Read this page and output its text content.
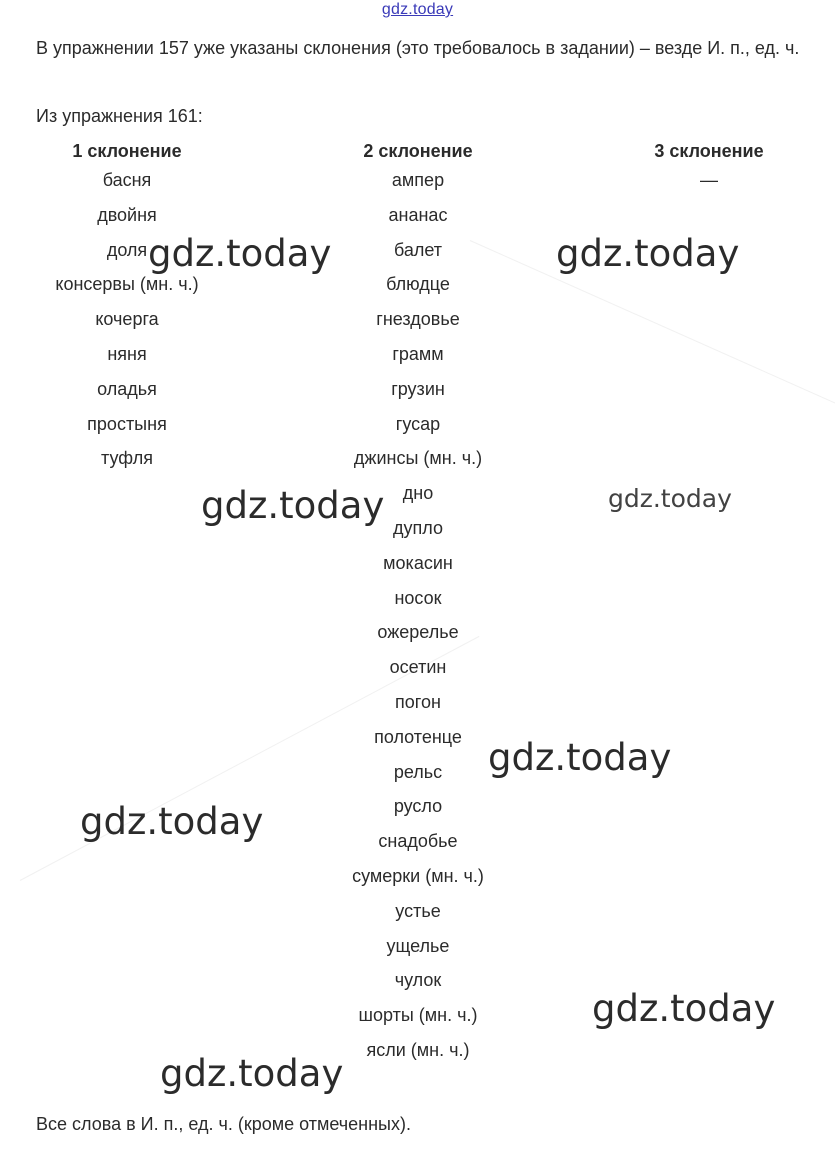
gdz.today
В упражнении 157 уже указаны склонения (это требовалось в задании) – везде И. п., ед. ч.
Из упражнения 161:
1 склонение
басня
двойня
доля
консервы (мн. ч.)
кочерга
няня
оладья
простыня
туфля
2 склонение
ампер
ананас
балет
блюдце
гнездовье
грамм
грузин
гусар
джинсы (мн. ч.)
дно
дупло
мокасин
носок
ожерелье
осетин
погон
полотенце
рельс
русло
снадобье
сумерки (мн. ч.)
устье
ущелье
чулок
шорты (мн. ч.)
ясли (мн. ч.)
3 склонение
—
Все слова в И. п., ед. ч. (кроме отмеченных).
gdz.today	gdz.today
gdz.today	gdz.today
gdz.today
gdz.today
gdz.today
gdz.today
